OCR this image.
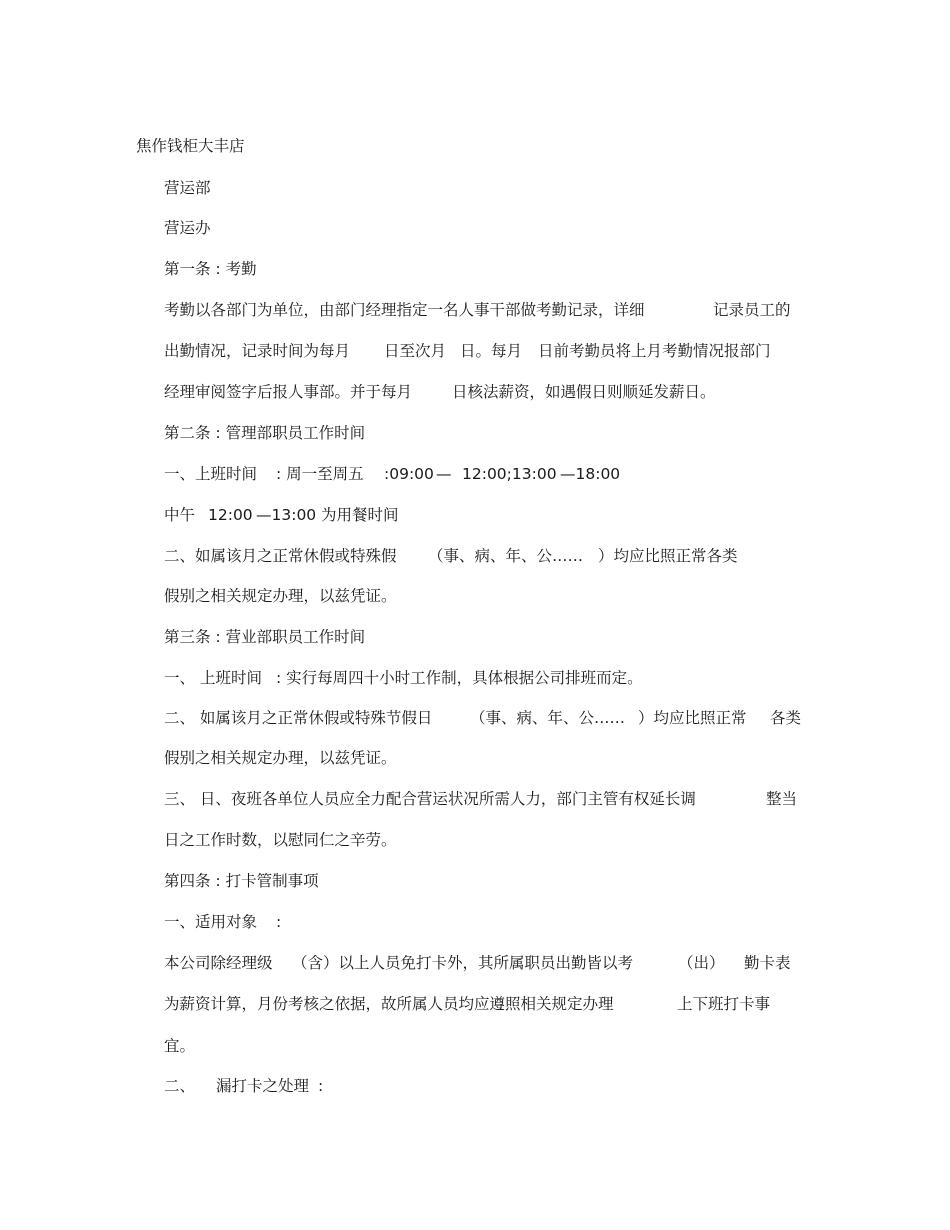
焦作钱柜大丰店

营运部

营运办

第一条 : 考勤

考勤以各部门为单位，由部门经理指定一名人事干部做考勤记录，详细

	记录员工的

出勤情况，记录时间为每月

日至次月

日。每月

日前考勤员将上月考勤情况报部门

经理审阅签字后报人事部。并于每月

	日核法薪资，如遇假日则顺延发薪日。

第二条 : 管理部职员工作时间

一、上班时间

: 周一至周五

:09:00

—

12:00;13:00

—18:00

中午

12:00

—13:00

为用餐时间

二、如属该月之正常休假或特殊假

（事、病、年、公……

）均应比照正常各类

假别之相关规定办理，以兹凭证。

第三条 : 营业部职员工作时间

一、

上班时间

: 实行每周四十小时工作制，具体根据公司排班而定。

二、 如属该月之正常休假或特殊节假日

（事、病、年、公……

）均应比照正常

各类

假别之相关规定办理，以兹凭证。

三、 日、夜班各单位人员应全力配合营运状况所需人力，部门主管有权延长调

	整当

日之工作时数，以慰同仁之辛劳。

第四条 : 打卡管制事项

一、适用对象

:

本公司除经理级

（含）以上人员免打卡外，其所属职员出勤皆以考

	（出）

勤卡表

为薪资计算，月份考核之依据，故所属人员均应遵照相关规定办理

	上下班打卡事

宜。

二、

漏打卡之处理

:
